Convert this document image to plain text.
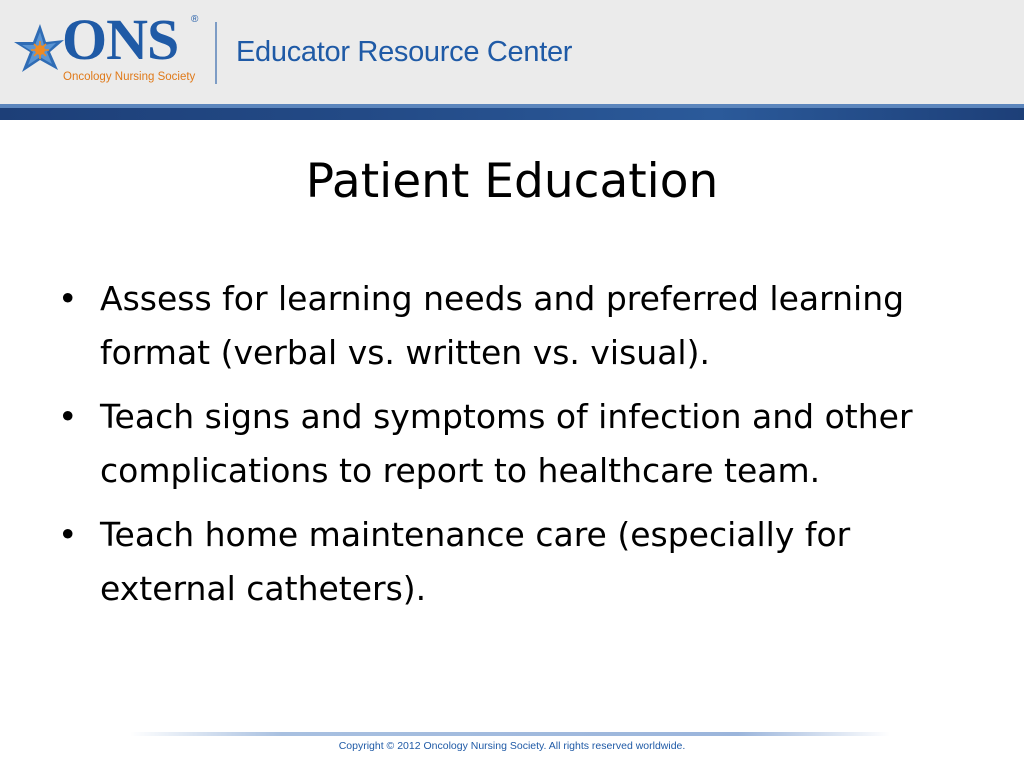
ONS ®
Oncology Nursing Society
Educator Resource Center
Patient Education
• Assess for learning needs and preferred learning format (verbal vs. written vs. visual).
• Teach signs and symptoms of infection and other complications to report to healthcare team.
• Teach home maintenance care (especially for external catheters).
Copyright © 2012 Oncology Nursing Society. All rights reserved worldwide.
